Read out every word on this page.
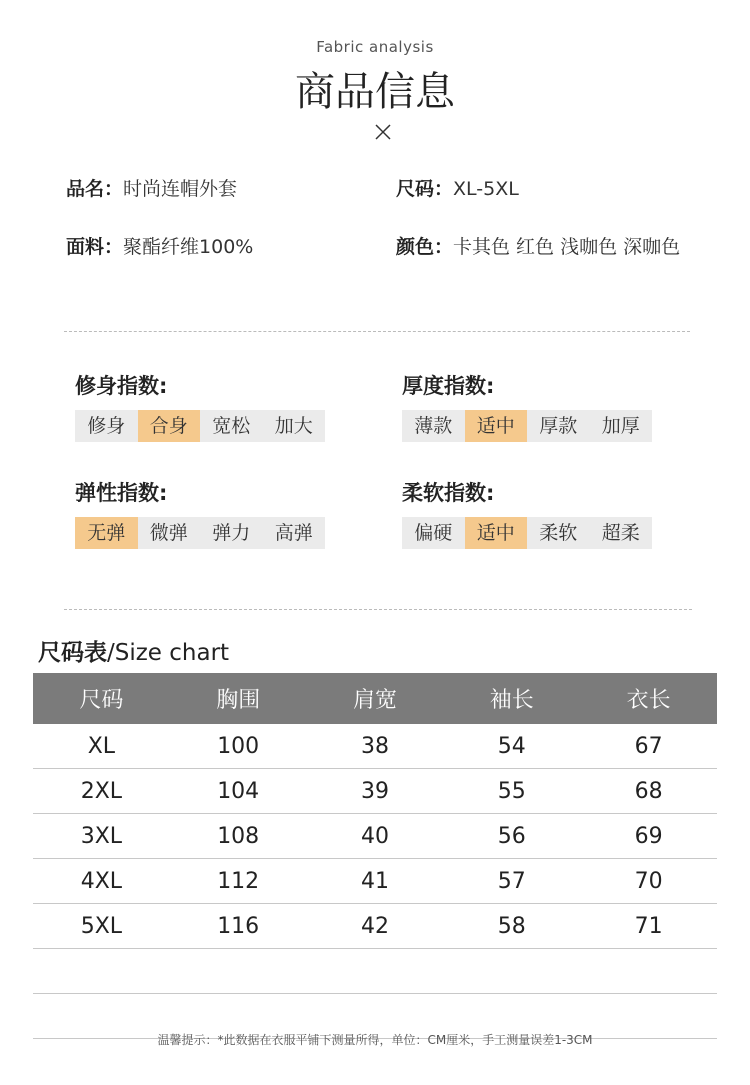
Fabric analysis
商品信息
品名：时尚连帽外套	尺码：XL-5XL
面料：聚酯纤维100%	颜色：卡其色 红色 浅咖色 深咖色
修身指数:
修身	合身	宽松	加大
厚度指数:
薄款	适中	厚款	加厚
弹性指数:
无弹	微弹	弹力	高弹
柔软指数:
偏硬	适中	柔软	超柔
尺码表/Size chart
尺码	胸围	肩宽	袖长	衣长
XL	100	38	54	67
2XL	104	39	55	68
3XL	108	40	56	69
4XL	112	41	57	70
5XL	116	42	58	71

温馨提示：*此数据在衣服平铺下测量所得，单位：CM厘米，手工测量误差1-3CM
